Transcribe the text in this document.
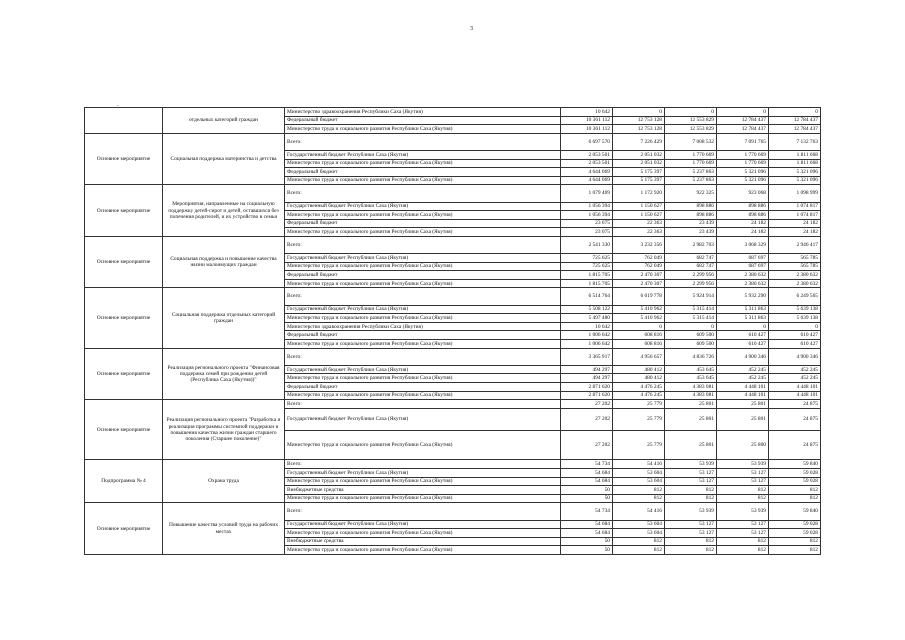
3
-
	отдельных категорий граждан	Министерство здравоохранения Республики Саха (Якутия)	10 642	0	0	0	0
		Федеральный бюджет	10 361 112	12 753 128	12 553 829	12 784 437	12 784 437
		Министерство труда и социального развития Республики Саха (Якутия)	10 361 112	12 753 128	12 553 829	12 784 437	12 784 437
Основное мероприятие	Социальная поддержка материнства и детства	Всего:	6 697 570	7 226 429	7 008 532	7 091 765	7 132 763
		Государственный бюджет Республики Саха (Якутия)	2 053 501	2 051 032	1 770 669	1 770 669	1 811 668
		Министерство труда и социального развития Республики Саха (Якутия)	2 053 501	2 051 032	1 770 669	1 770 669	1 811 668
		Федеральный бюджет	4 644 069	5 175 397	5 237 863	5 321 096	5 321 096
		Министерство труда и социального развития Республики Саха (Якутия)	4 644 069	5 175 397	5 237 863	5 321 096	5 321 096
Основное мероприятие	Мероприятия, направленные на социальную поддержку детей-сирот и детей, оставшихся без попечения родителей, и их устройство в семьи	Всего:	1 079 469	1 172 920	922 325	923 068	1 098 999
		Государственный бюджет Республики Саха (Якутия)	1 056 394	1 150 627	898 886	898 886	1 074 817
		Министерство труда и социального развития Республики Саха (Якутия)	1 056 394	1 150 627	898 886	898 886	1 074 817
		Федеральный бюджет	23 075	22 363	23 439	24 182	24 182
		Министерство труда и социального развития Республики Саха (Якутия)	23 075	22 363	23 439	24 182	24 182
Основное мероприятие	Социальная поддержка и повышение качества жизни малоимущих граждан	Всего:	2 541 330	3 232 356	2 982 703	3 068 329	2 946 417
		Государственный бюджет Республики Саха (Якутия)	725 625	762 049	682 747	687 697	565 785
		Министерство труда и социального развития Республики Саха (Якутия)	725 625	762 049	682 747	687 697	565 785
		Федеральный бюджет	1 815 705	2 470 307	2 299 956	2 380 632	2 380 632
		Министерство труда и социального развития Республики Саха (Якутия)	1 815 705	2 470 307	2 299 956	2 380 632	2 380 632
Основное мероприятие	Социальная поддержка отдельных категорий граждан	Всего:	6 514 764	6 019 778	5 924 914	5 932 290	6 249 565
		Государственный бюджет Республики Саха (Якутия)	5 508 122	5 410 962	5 315 414	5 311 863	5 639 138
		Министерство труда и социального развития Республики Саха (Якутия)	5 497 480	5 410 962	5 315 414	5 311 863	5 639 138
		Министерство здравоохранения Республики Саха (Якутия)	10 642	0	0	0	0
		Федеральный бюджет	1 006 642	608 816	609 500	610 427	610 427
		Министерство труда и социального развития Республики Саха (Якутия)	1 006 642	608 816	609 500	610 427	610 427
Основное мероприятие	Реализация регионального проекта "Финансовая поддержка семей при рождении детей (Республика Саха (Якутия))"	Всего:	3 365 917	4 956 657	4 836 726	4 900 346	4 900 346
		Государственный бюджет Республики Саха (Якутия)	494 297	480 412	453 645	452 245	452 245
		Министерство труда и социального развития Республики Саха (Якутия)	494 297	480 412	453 645	452 245	452 245
		Федеральный бюджет	2 871 620	4 476 245	4 383 081	4 448 101	4 448 101
		Министерство труда и социального развития Республики Саха (Якутия)	2 871 620	4 476 245	4 383 081	4 448 101	4 448 101
Основное мероприятие	Реализация регионального проекта "Разработка и реализация программы системной поддержки и повышения качества жизни граждан старшего поколения (Старшее поколение)"	Всего:	27 202	25 779	25 801	25 801	24 875
		Государственный бюджет Республики Саха (Якутия)	27 202	25 779	25 801	25 801	24 875
		Министерство труда и социального развития Республики Саха (Якутия)	27 202	25 779	25 801	25 800	24 875
Подпрограмма № 4	Охрана труда	Всего:	54 734	54 416	53 939	53 939	59 840
		Государственный бюджет Республики Саха (Якутия)	54 684	53 604	53 127	53 127	59 028
		Министерство труда и социального развития Республики Саха (Якутия)	54 684	53 604	53 127	53 127	59 028
		Внебюджетные средства	50	812	812	812	812
		Министерство труда и социального развития Республики Саха (Якутия)	50	812	812	812	812
Основное мероприятие	Повышение качества условий труда на рабочих местах	Всего:	54 734	54 416	53 939	53 939	59 840
		Государственный бюджет Республики Саха (Якутия)	54 684	53 604	53 127	53 127	59 028
		Министерство труда и социального развития Республики Саха (Якутия)	54 684	53 604	53 127	53 127	59 028
		Внебюджетные средства	50	812	812	812	812
		Министерство труда и социального развития Республики Саха (Якутия)	50	812	812	812	812
